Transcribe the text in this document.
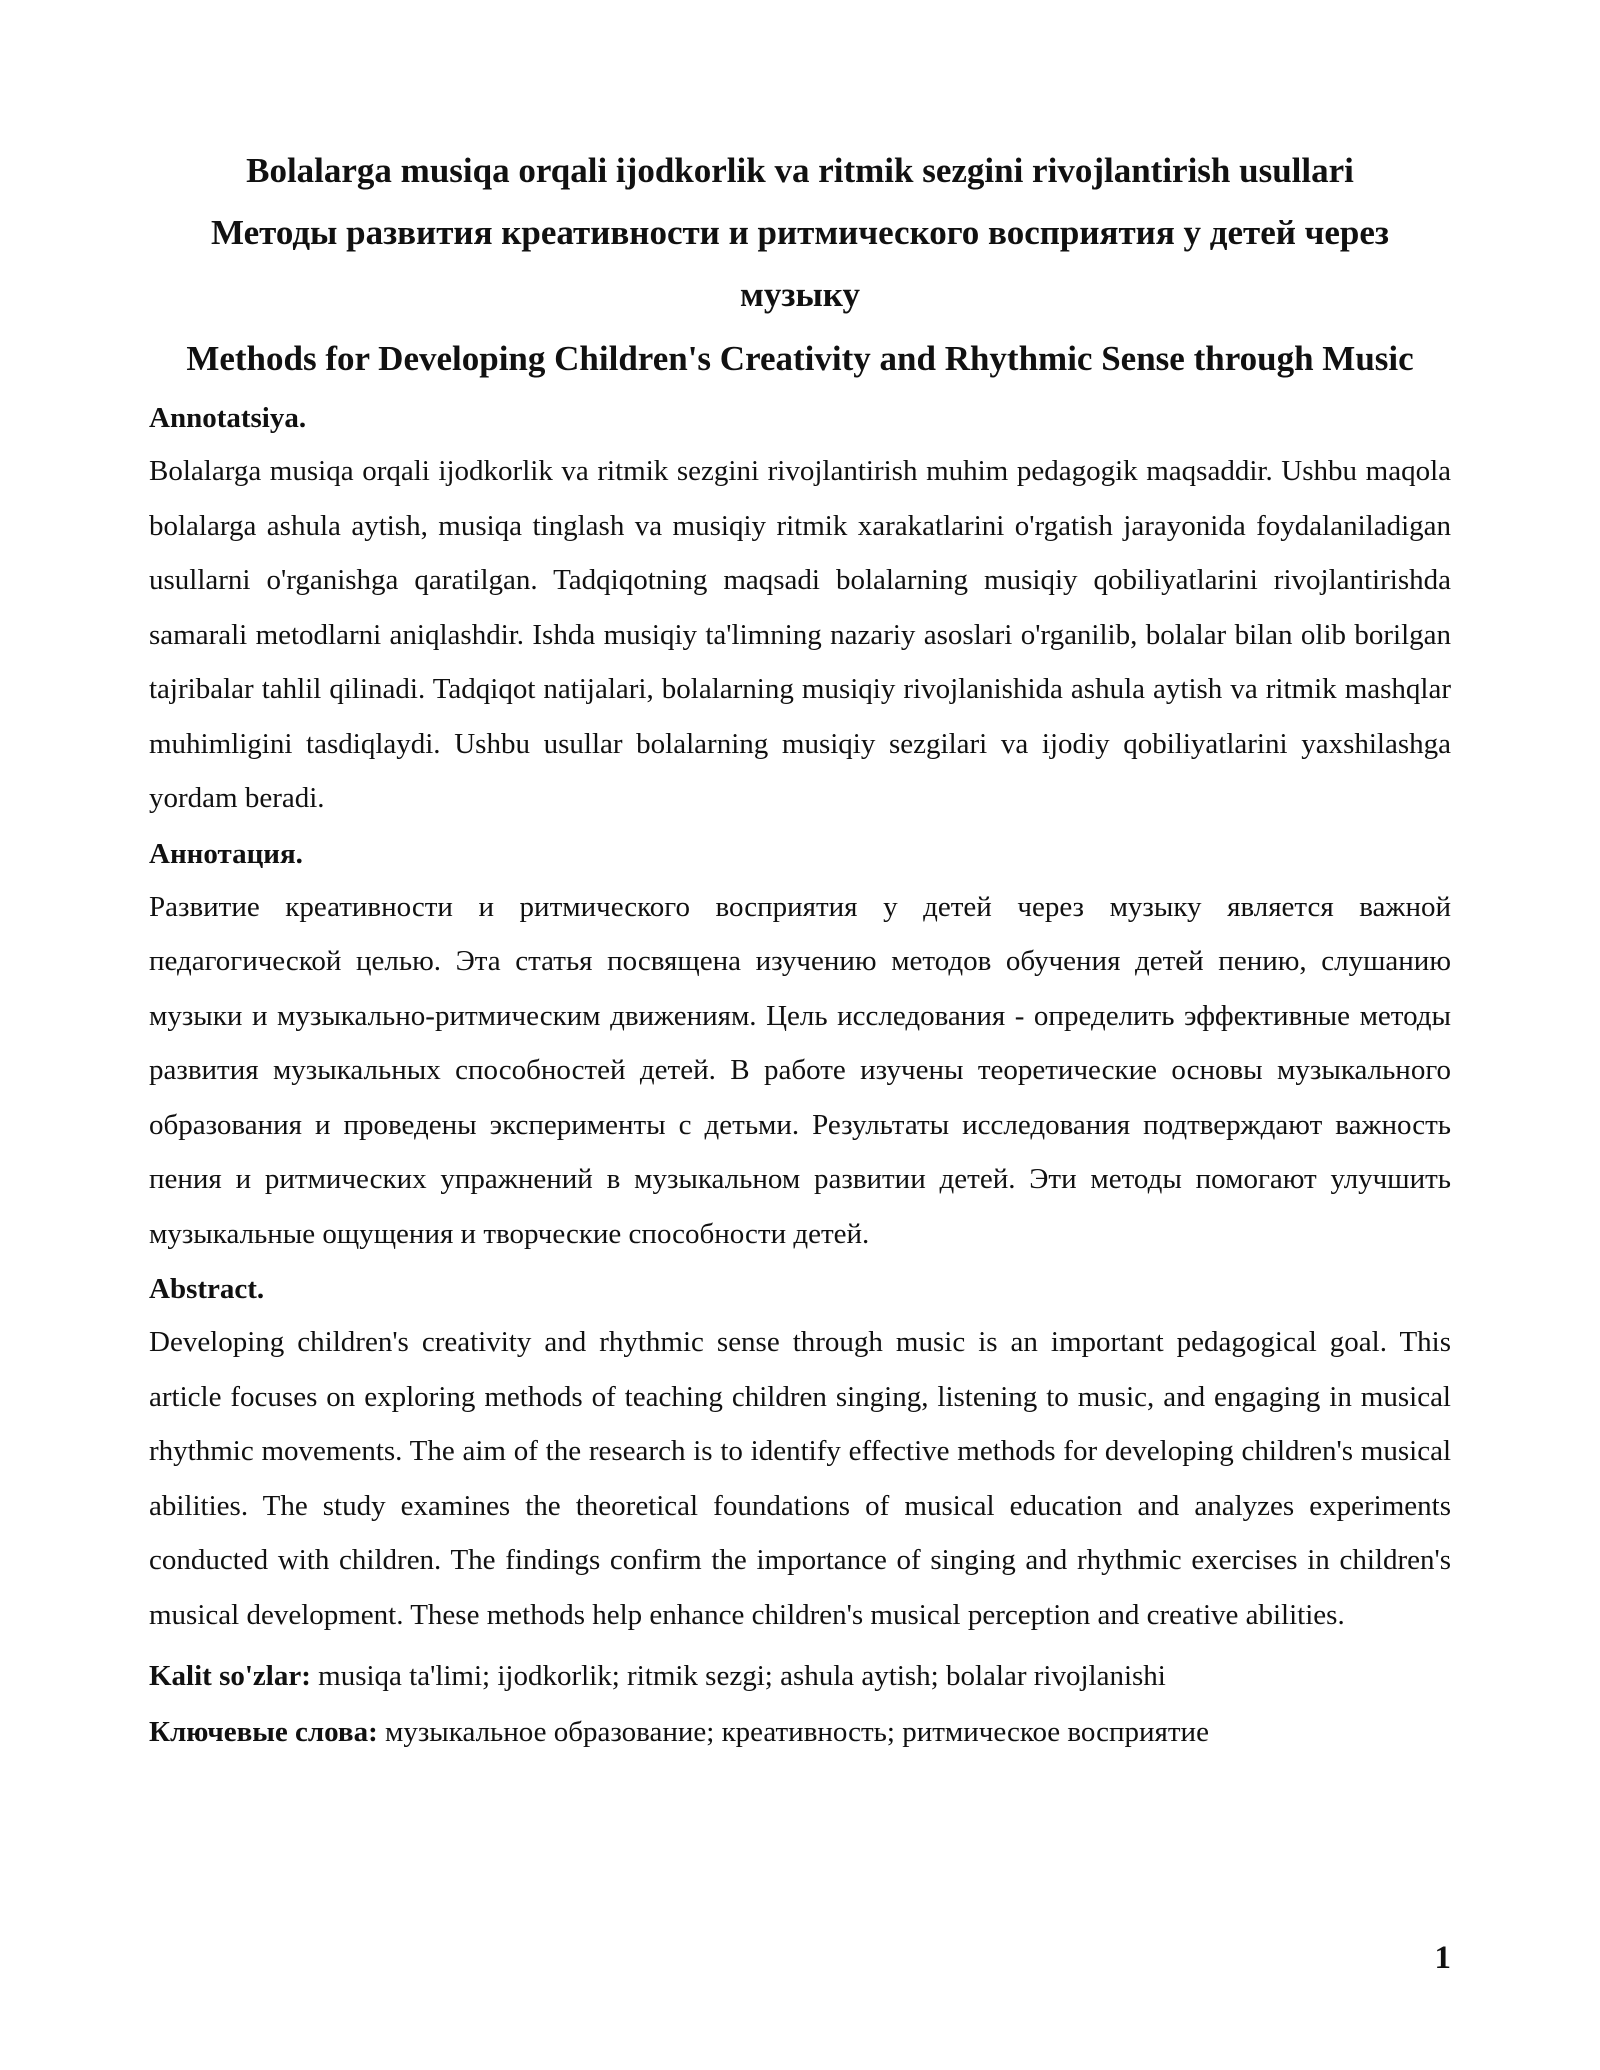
Bolalarga musiqa orqali ijodkorlik va ritmik sezgini rivojlantirish usullari
Методы развития креативности и ритмического восприятия у детей через музыку
Methods for Developing Children's Creativity and Rhythmic Sense through Music
Annotatsiya.

Bolalarga musiqa orqali ijodkorlik va ritmik sezgini rivojlantirish muhim pedagogik maqsaddir. Ushbu maqola bolalarga ashula aytish, musiqa tinglash va musiqiy ritmik xarakatlarini o'rgatish jarayonida foydalaniladigan usullarni o'rganishga qaratilgan. Tadqiqotning maqsadi bolalarning musiqiy qobiliyatlarini rivojlantirishda samarali metodlarni aniqlashdir. Ishda musiqiy ta'limning nazariy asoslari o'rganilib, bolalar bilan olib borilgan tajribalar tahlil qilinadi. Tadqiqot natijalari, bolalarning musiqiy rivojlanishida ashula aytish va ritmik mashqlar muhimligini tasdiqlaydi. Ushbu usullar bolalarning musiqiy sezgilari va ijodiy qobiliyatlarini yaxshilashga yordam beradi.

Аннотация.

Развитие креативности и ритмического восприятия у детей через музыку является важной педагогической целью. Эта статья посвящена изучению методов обучения детей пению, слушанию музыки и музыкально-ритмическим движениям. Цель исследования - определить эффективные методы развития музыкальных способностей детей. В работе изучены теоретические основы музыкального образования и проведены эксперименты с детьми. Результаты исследования подтверждают важность пения и ритмических упражнений в музыкальном развитии детей. Эти методы помогают улучшить музыкальные ощущения и творческие способности детей.

Abstract.

Developing children's creativity and rhythmic sense through music is an important pedagogical goal. This article focuses on exploring methods of teaching children singing, listening to music, and engaging in musical rhythmic movements. The aim of the research is to identify effective methods for developing children's musical abilities. The study examines the theoretical foundations of musical education and analyzes experiments conducted with children. The findings confirm the importance of singing and rhythmic exercises in children's musical development. These methods help enhance children's musical perception and creative abilities.

Kalit so'zlar: musiqa ta'limi; ijodkorlik; ritmik sezgi; ashula aytish; bolalar rivojlanishi

Ключевые слова: музыкальное образование; креативность; ритмическое восприятие

1
